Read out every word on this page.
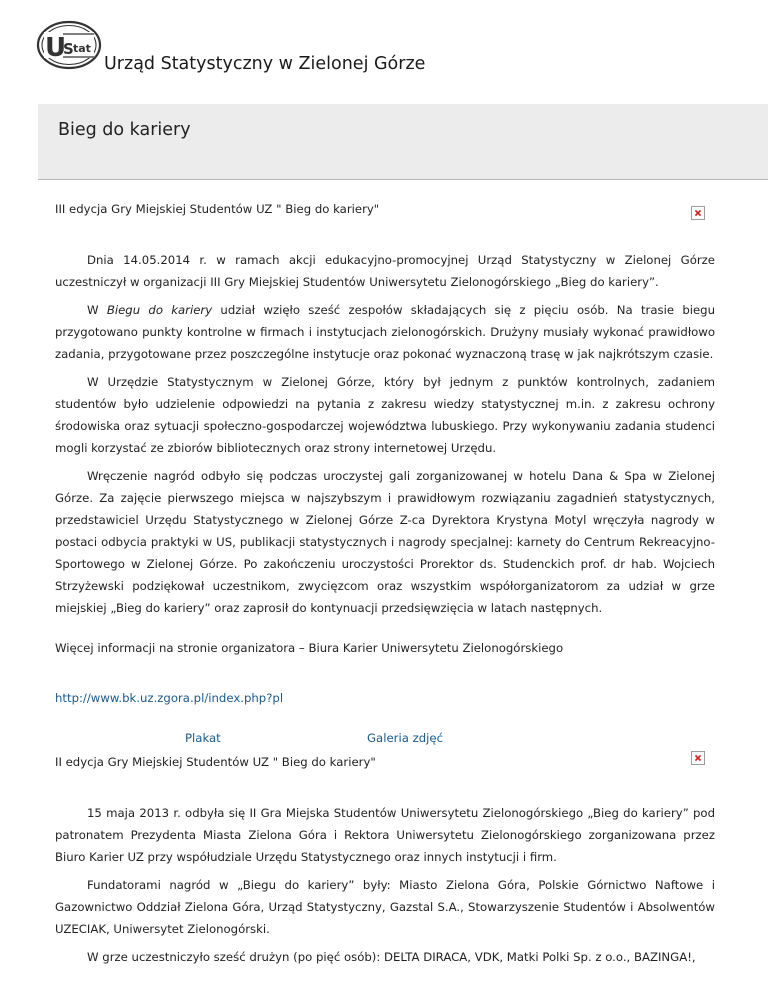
U
S tat
Urząd Statystyczny w Zielonej Górze
Bieg do kariery

III edycja Gry Miejskiej Studentów UZ " Bieg do kariery"

Dnia 14.05.2014 r. w ramach akcji edukacyjno-promocyjnej Urząd Statystyczny w Zielonej Górze uczestniczył w organizacji III Gry Miejskiej Studentów Uniwersytetu Zielonogórskiego „Bieg do kariery”.

W Biegu do kariery udział wzięło sześć zespołów składających się z pięciu osób. Na trasie biegu przygotowano punkty kontrolne w firmach i instytucjach zielonogórskich. Drużyny musiały wykonać prawidłowo zadania, przygotowane przez poszczególne instytucje oraz pokonać wyznaczoną trasę w jak najkrótszym czasie.

W Urzędzie Statystycznym w Zielonej Górze, który był jednym z punktów kontrolnych, zadaniem studentów było udzielenie odpowiedzi na pytania z zakresu wiedzy statystycznej m.in. z zakresu ochrony środowiska oraz sytuacji społeczno-gospodarczej województwa lubuskiego. Przy wykonywaniu zadania studenci mogli korzystać ze zbiorów bibliotecznych oraz strony internetowej Urzędu.

Wręczenie nagród odbyło się podczas uroczystej gali zorganizowanej w hotelu Dana & Spa w Zielonej Górze. Za zajęcie pierwszego miejsca w najszybszym i prawidłowym rozwiązaniu zagadnień statystycznych, przedstawiciel Urzędu Statystycznego w Zielonej Górze Z-ca Dyrektora Krystyna Motyl wręczyła nagrody w postaci odbycia praktyki w US, publikacji statystycznych i nagrody specjalnej: karnety do Centrum Rekreacyjno-Sportowego w Zielonej Górze. Po zakończeniu uroczystości Prorektor ds. Studenckich prof. dr hab. Wojciech Strzyżewski podziękował uczestnikom, zwycięzcom oraz wszystkim współorganizatorom za udział w grze miejskiej „Bieg do kariery” oraz zaprosił do kontynuacji przedsięwzięcia w latach następnych.

Więcej informacji na stronie organizatora – Biura Karier Uniwersytetu Zielonogórskiego

http://www.bk.uz.zgora.pl/index.php?pl

Plakat	Galeria zdjęć

II edycja Gry Miejskiej Studentów UZ " Bieg do kariery"

15 maja 2013 r. odbyła się II Gra Miejska Studentów Uniwersytetu Zielonogórskiego „Bieg do kariery” pod patronatem Prezydenta Miasta Zielona Góra i Rektora Uniwersytetu Zielonogórskiego zorganizowana przez Biuro Karier UZ przy współudziale Urzędu Statystycznego oraz innych instytucji i firm.

Fundatorami nagród w „Biegu do kariery” były: Miasto Zielona Góra, Polskie Górnictwo Naftowe i Gazownictwo Oddział Zielona Góra, Urząd Statystyczny, Gazstal S.A., Stowarzyszenie Studentów i Absolwentów UZECIAK, Uniwersytet Zielonogórski.

W grze uczestniczyło sześć drużyn (po pięć osób): DELTA DIRACA, VDK, Matki Polki Sp. z o.o., BAZINGA!,
